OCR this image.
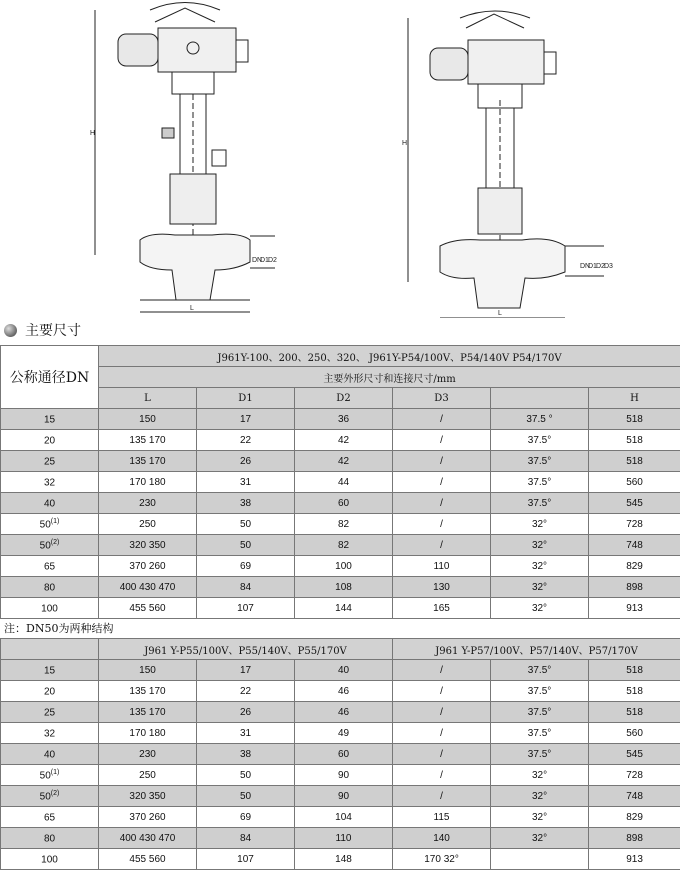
H
L
D1 D2
DN
H
L
DN
D1 D2 D3
主要尺寸
公称通径DN	J961Y-100、200、250、320、 J961Y-P54/100V、P54/140V P54/170V					
	主要外形尺寸和连接尺寸/mm					
	L	D1	D2	D3		H
15	150	17	36	/	37.5 °	518
20	135 170	22	42	/	37.5°	518
25	135 170	26	42	/	37.5°	518
32	170 180	31	44	/	37.5°	560
40	230	38	60	/	37.5°	545
50$^{(1)}$	250	50	82	/	32°	728
50$^{(2)}$	320 350	50	82	/	32°	748
65	370 260	69	100	110	32°	829
80	400 430 470	84	108	130	32°	898
100	455 560	107	144	165	32°	913
注：DN50为两种结构
	J961 Y-P55/100V、P55/140V、P55/170V			J961 Y-P57/100V、P57/140V、P57/170V		
15	150	17	40	/	37.5°	518
20	135 170	22	46	/	37.5°	518
25	135 170	26	46	/	37.5°	518
32	170 180	31	49	/	37.5°	560
40	230	38	60	/	37.5°	545
50$^{(1)}$	250	50	90	/	32°	728
50$^{(2)}$	320 350	50	90	/	32°	748
65	370 260	69	104	115	32°	829
80	400 430 470	84	110	140	32°	898
100	455 560	107	148	170 32°		913
